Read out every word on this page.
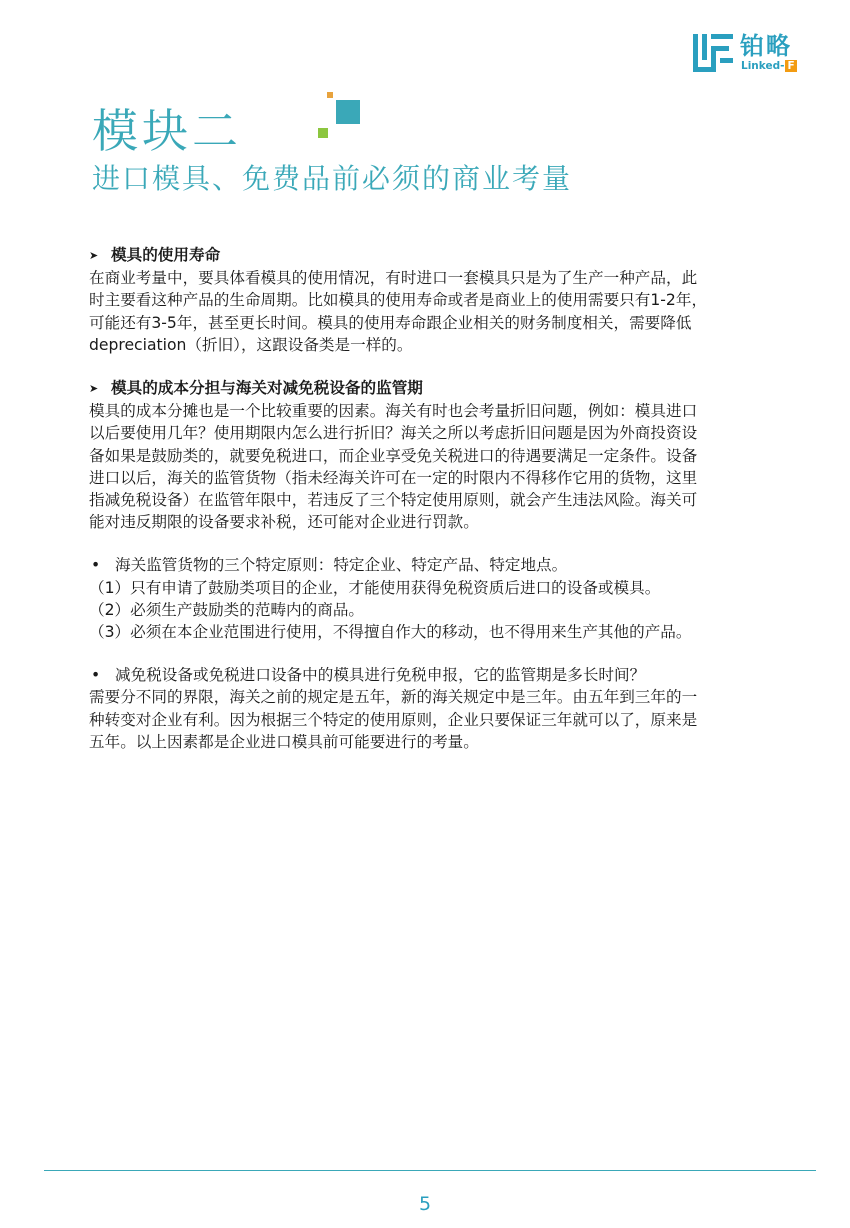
铂略
Linked- F
模块二
进口模具、免费品前必须的商业考量

➤ 模具的使用寿命

在商业考量中，要具体看模具的使用情况，有时进口一套模具只是为了生产一种产品，此

时主要看这种产品的生命周期。比如模具的使用寿命或者是商业上的使用需要只有1-2年，

可能还有3-5年，甚至更长时间。模具的使用寿命跟企业相关的财务制度相关，需要降低

depreciation（折旧），这跟设备类是一样的。

➤ 模具的成本分担与海关对减免税设备的监管期

模具的成本分摊也是一个比较重要的因素。海关有时也会考量折旧问题，例如：模具进口

以后要使用几年？使用期限内怎么进行折旧？海关之所以考虑折旧问题是因为外商投资设

备如果是鼓励类的，就要免税进口，而企业享受免关税进口的待遇要满足一定条件。设备

进口以后，海关的监管货物（指未经海关许可在一定的时限内不得移作它用的货物，这里

指减免税设备）在监管年限中，若违反了三个特定使用原则，就会产生违法风险。海关可

能对违反期限的设备要求补税，还可能对企业进行罚款。

• 海关监管货物的三个特定原则：特定企业、特定产品、特定地点。

（1）只有申请了鼓励类项目的企业，才能使用获得免税资质后进口的设备或模具。

（2）必须生产鼓励类的范畴内的商品。

（3）必须在本企业范围进行使用，不得擅自作大的移动，也不得用来生产其他的产品。

• 减免税设备或免税进口设备中的模具进行免税申报，它的监管期是多长时间？

需要分不同的界限，海关之前的规定是五年，新的海关规定中是三年。由五年到三年的一

种转变对企业有利。因为根据三个特定的使用原则，企业只要保证三年就可以了，原来是

五年。以上因素都是企业进口模具前可能要进行的考量。

5
